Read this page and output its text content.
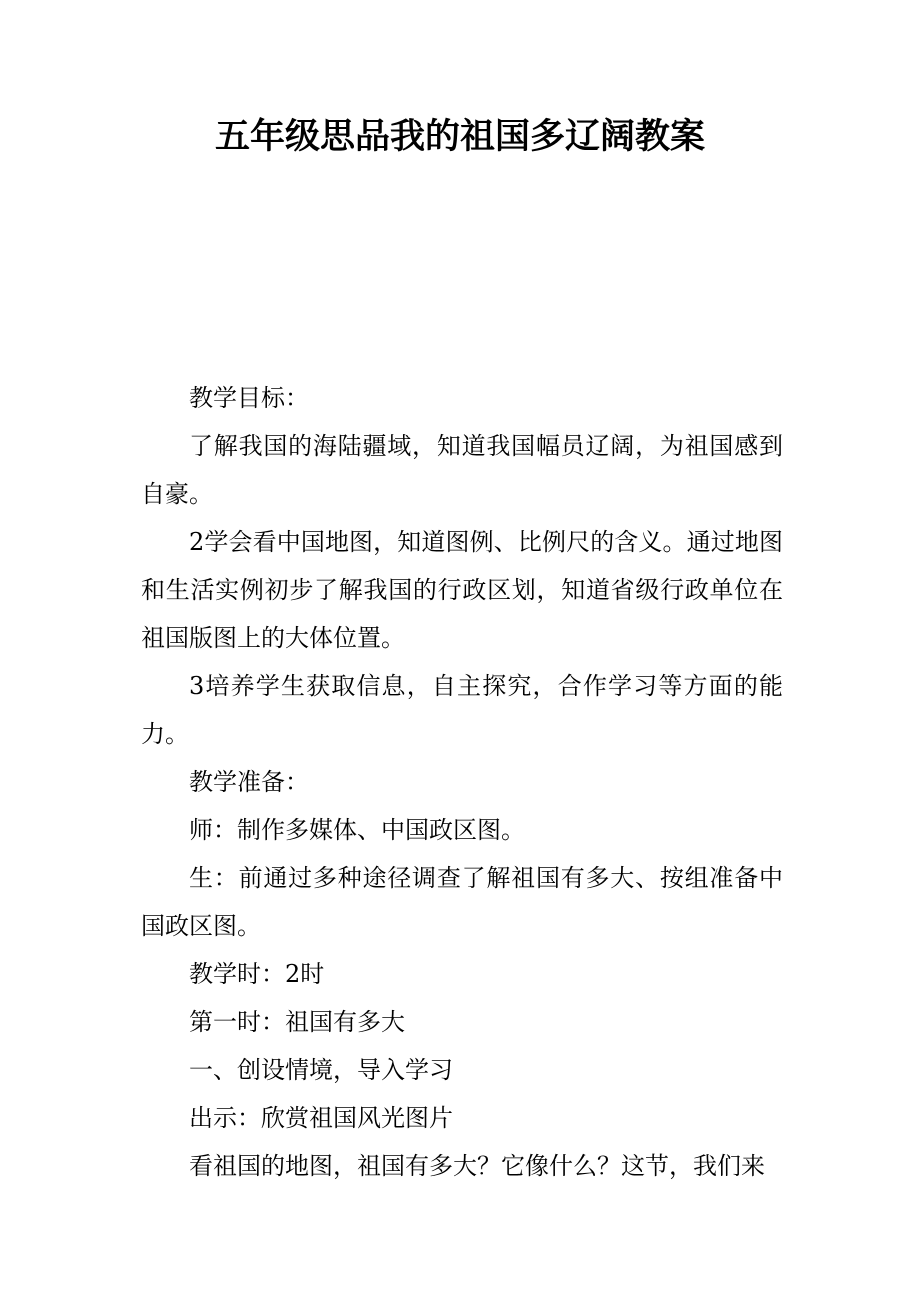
五年级思品我的祖国多辽阔教案

教学目标：

了解我国的海陆疆域，知道我国幅员辽阔，为祖国感到自豪。

2学会看中国地图，知道图例、比例尺的含义。通过地图和生活实例初步了解我国的行政区划，知道省级行政单位在祖国版图上的大体位置。

3培养学生获取信息，自主探究，合作学习等方面的能力。

教学准备：

师：制作多媒体、中国政区图。

生：前通过多种途径调查了解祖国有多大、按组准备中国政区图。

教学时：2时

第一时：祖国有多大

一、创设情境，导入学习

出示：欣赏祖国风光图片

看祖国的地图，祖国有多大？它像什么？这节，我们来
